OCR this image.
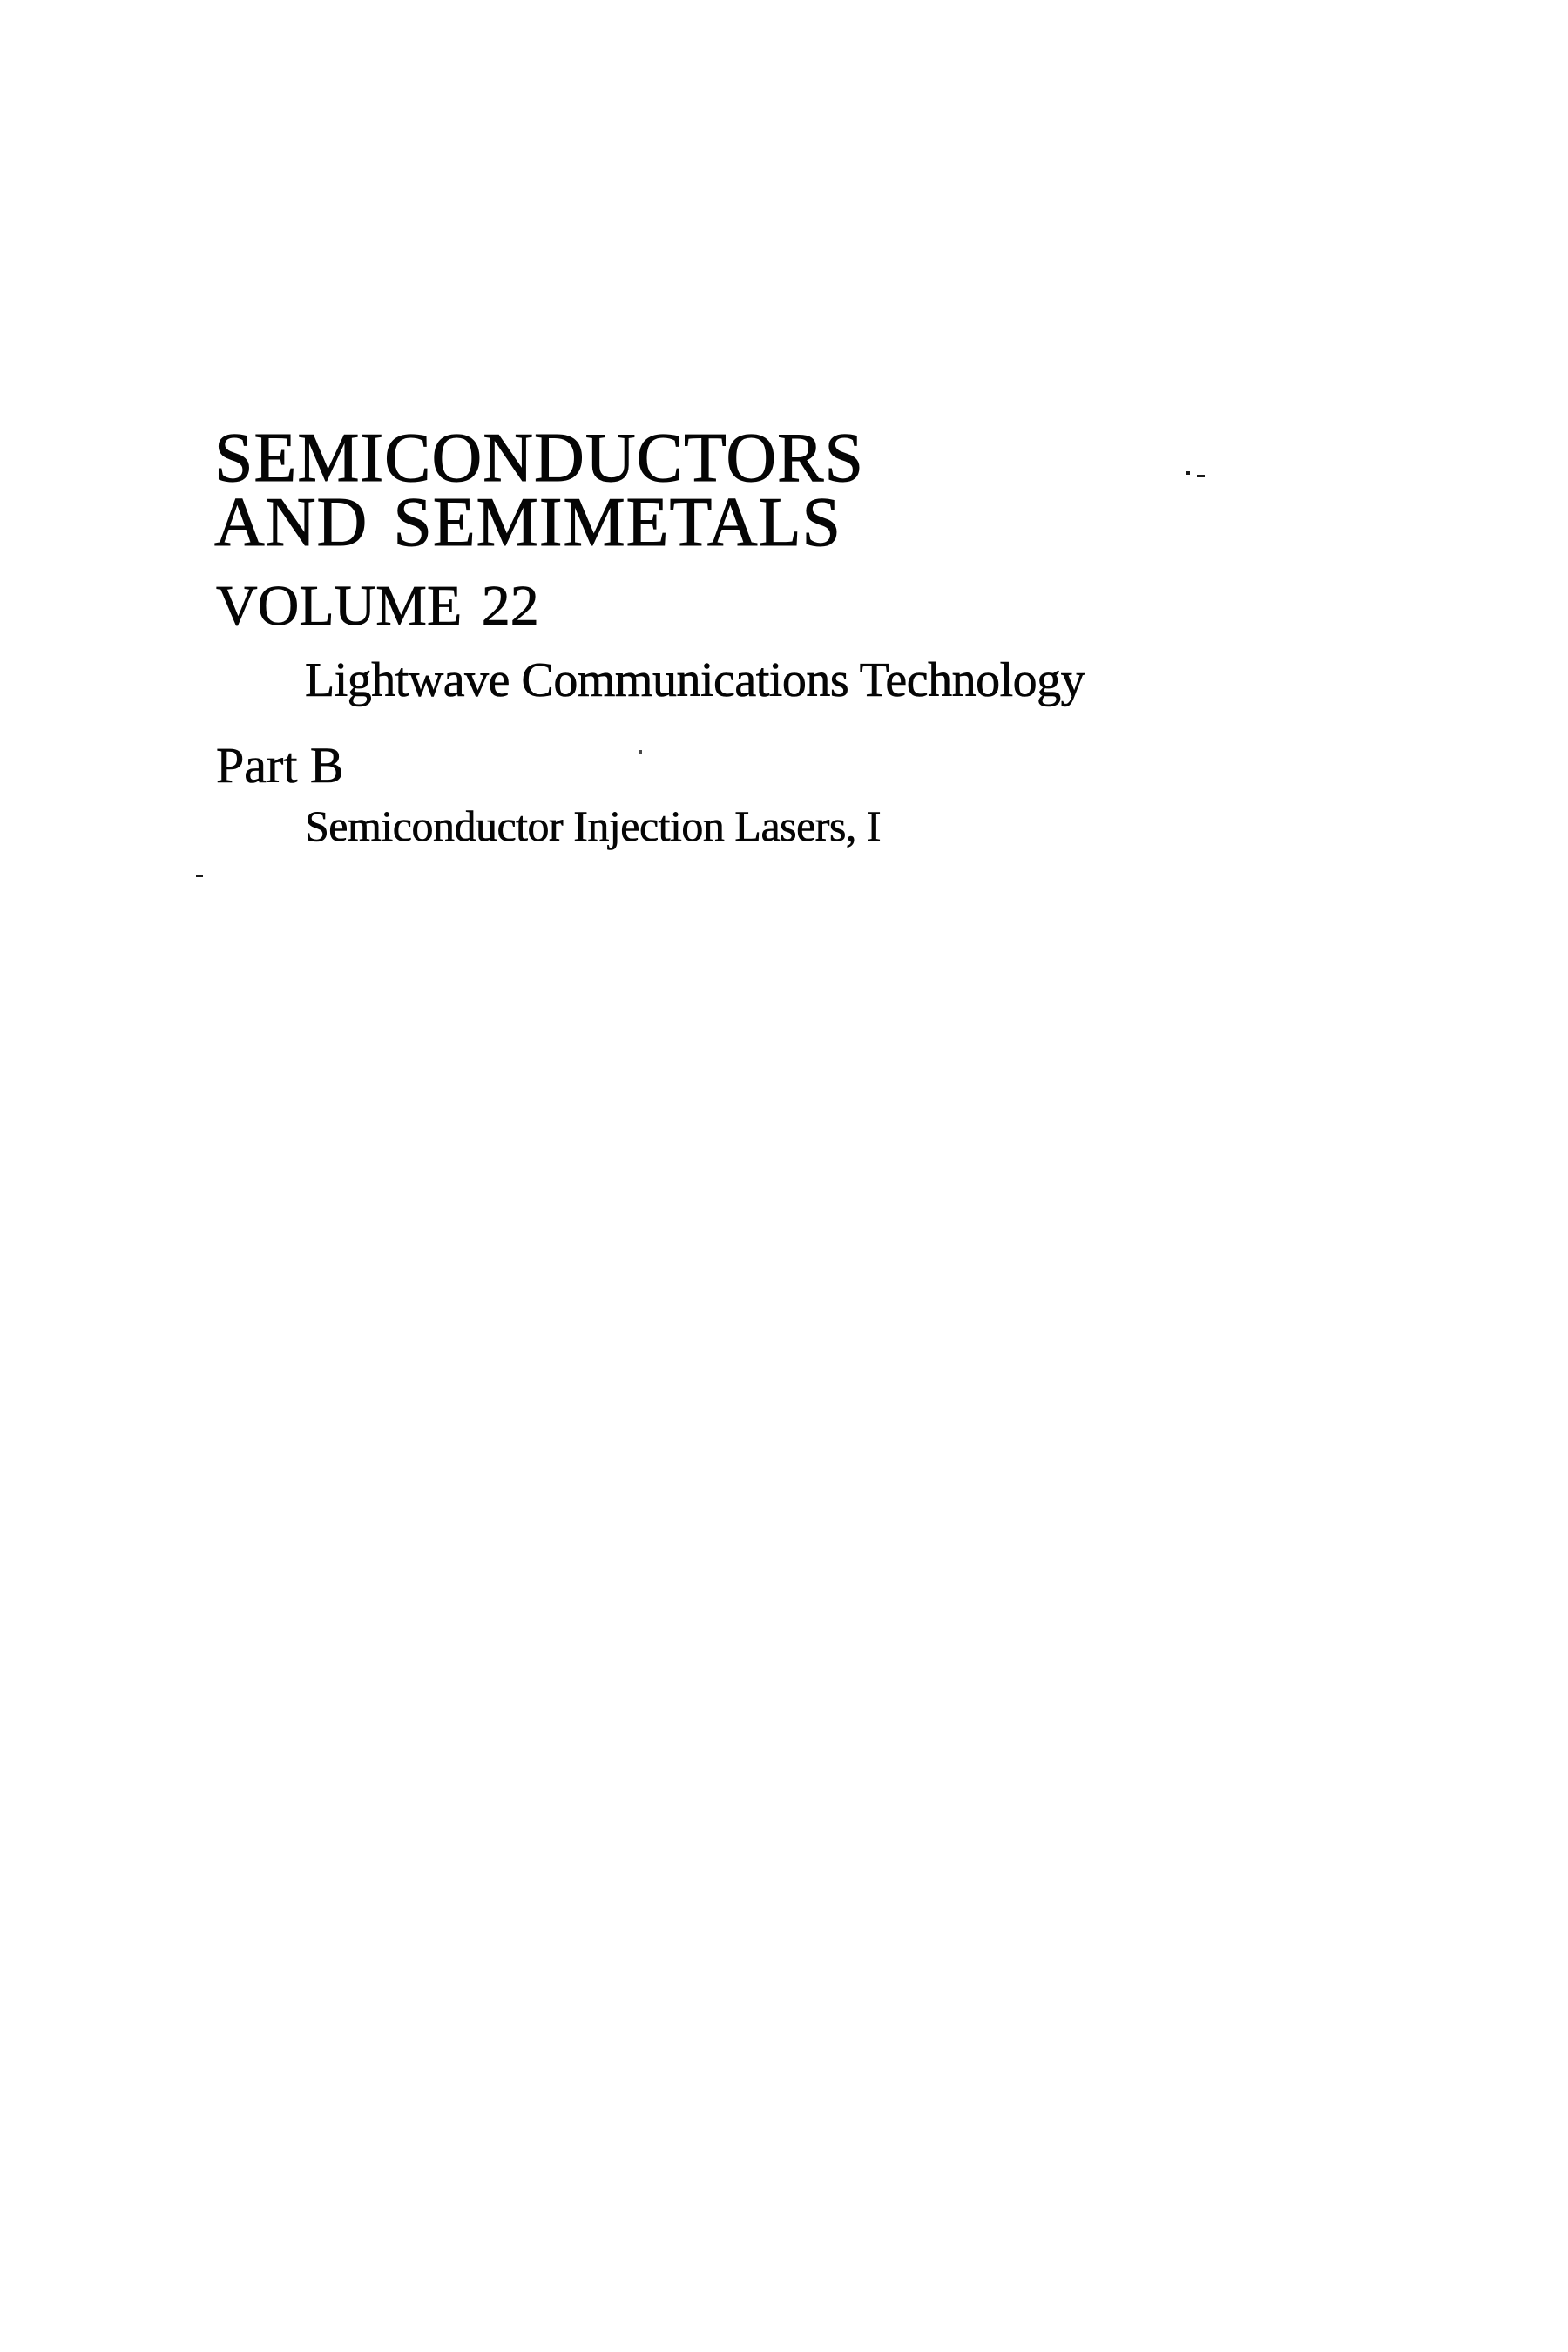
SEMICONDUCTORS
AND SEMIMETALS
VOLUME 22
Lightwave Communications Technology
Part B
Semiconductor Injection Lasers, I
